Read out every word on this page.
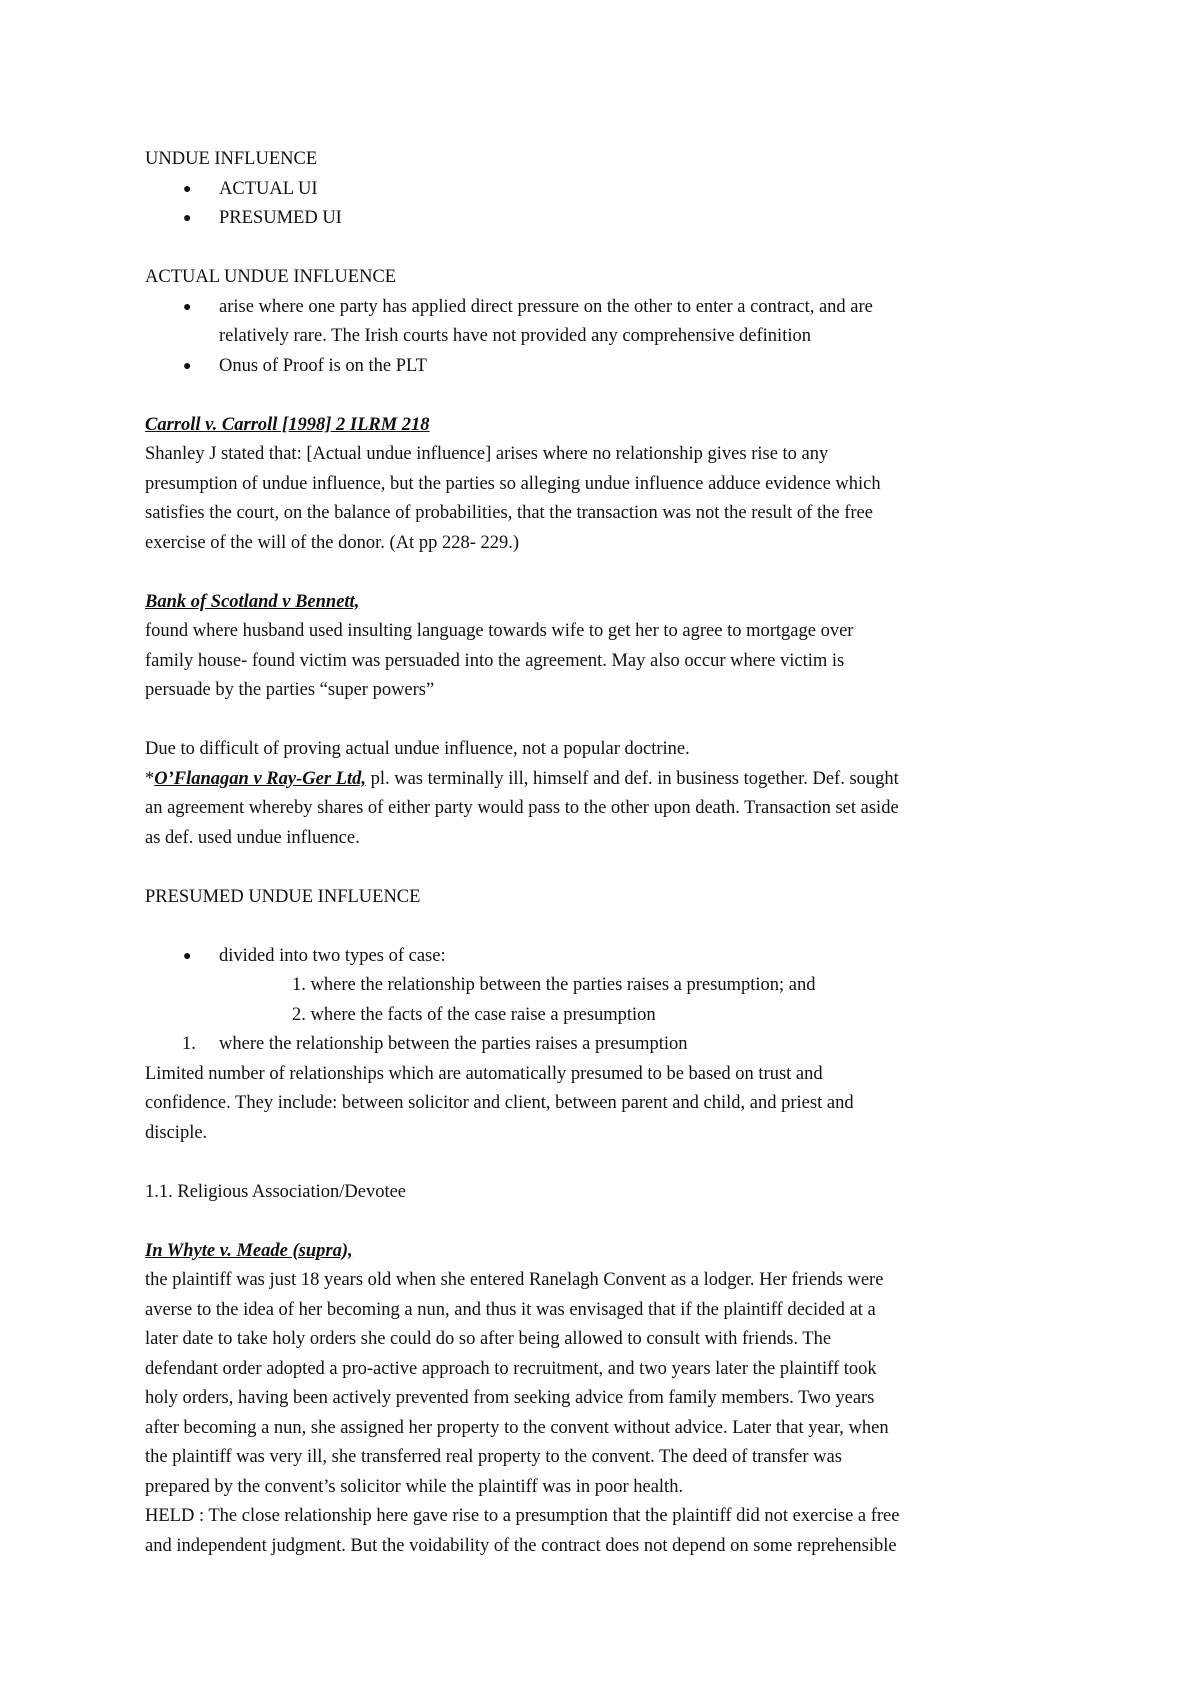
UNDUE INFLUENCE
● ACTUAL UI
● PRESUMED UI
ACTUAL UNDUE INFLUENCE
● arise where one party has applied direct pressure on the other to enter a contract, and are
relatively rare. The Irish courts have not provided any comprehensive definition
● Onus of Proof is on the PLT
Carroll v. Carroll [1998] 2 ILRM 218
Shanley J stated that: [Actual undue influence] arises where no relationship gives rise to any
presumption of undue influence, but the parties so alleging undue influence adduce evidence which
satisfies the court, on the balance of probabilities, that the transaction was not the result of the free
exercise of the will of the donor. (At pp 228- 229.)
Bank of Scotland v Bennett,
found where husband used insulting language towards wife to get her to agree to mortgage over
family house- found victim was persuaded into the agreement. May also occur where victim is
persuade by the parties “super powers”
Due to difficult of proving actual undue influence, not a popular doctrine.
*O’Flanagan v Ray-Ger Ltd, pl. was terminally ill, himself and def. in business together. Def. sought
an agreement whereby shares of either party would pass to the other upon death. Transaction set aside
as def. used undue influence.
PRESUMED UNDUE INFLUENCE
● divided into two types of case:
1. where the relationship between the parties raises a presumption; and
2. where the facts of the case raise a presumption
1. where the relationship between the parties raises a presumption
Limited number of relationships which are automatically presumed to be based on trust and
confidence. They include: between solicitor and client, between parent and child, and priest and
disciple.
1.1. Religious Association/Devotee
In Whyte v. Meade (supra),
the plaintiff was just 18 years old when she entered Ranelagh Convent as a lodger. Her friends were
averse to the idea of her becoming a nun, and thus it was envisaged that if the plaintiff decided at a
later date to take holy orders she could do so after being allowed to consult with friends. The
defendant order adopted a pro-active approach to recruitment, and two years later the plaintiff took
holy orders, having been actively prevented from seeking advice from family members. Two years
after becoming a nun, she assigned her property to the convent without advice. Later that year, when
the plaintiff was very ill, she transferred real property to the convent. The deed of transfer was
prepared by the convent’s solicitor while the plaintiff was in poor health.
HELD : The close relationship here gave rise to a presumption that the plaintiff did not exercise a free
and independent judgment. But the voidability of the contract does not depend on some reprehensible
